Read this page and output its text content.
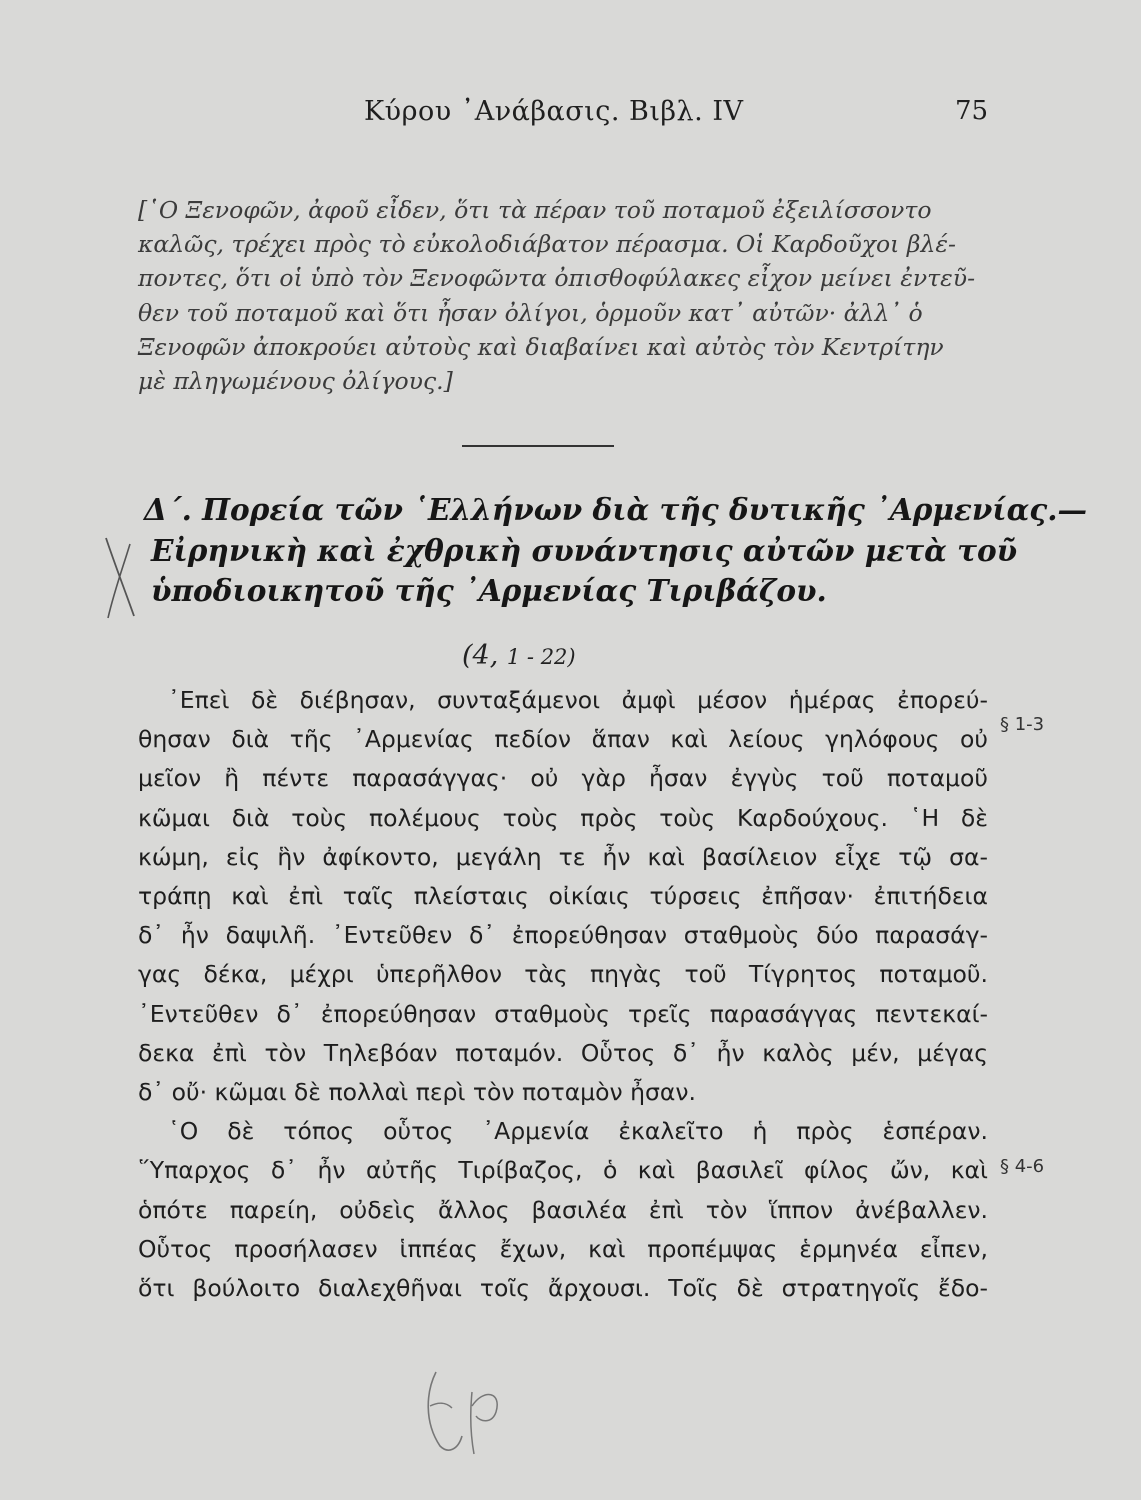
Κύρου ᾿Ανάβασις. Βιβλ. IV	75
[῾Ο Ξενοφῶν, ἀφοῦ εἶδεν, ὅτι τὰ πέραν τοῦ ποταμοῦ ἐξειλίσσοντο
καλῶς, τρέχει πρὸς τὸ εὐκολοδιάβατον πέρασμα. Οἱ Καρδοῦχοι βλέ-
ποντες, ὅτι οἱ ὑπὸ τὸν Ξενοφῶντα ὀπισθοφύλακες εἶχον μείνει ἐντεῦ-
θεν τοῦ ποταμοῦ καὶ ὅτι ἦσαν ὀλίγοι, ὁρμοῦν κατ᾿ αὐτῶν· ἀλλ᾿ ὁ
Ξενοφῶν ἀποκρούει αὐτοὺς καὶ διαβαίνει καὶ αὐτὸς τὸν Κεντρίτην
μὲ πληγωμένους ὀλίγους.]
Δ΄. Πορεία τῶν ῾Ελλήνων διὰ τῆς δυτικῆς ᾿Αρμενίας.—
Εἰρηνικὴ καὶ ἐχθρικὴ συνάντησις αὐτῶν μετὰ τοῦ
ὑποδιοικητοῦ τῆς ᾿Αρμενίας Τιριβάζου.
(4, 1 - 22)
᾿Επεὶ δὲ διέβησαν, συνταξάμενοι ἀμφὶ μέσον ἡμέρας ἐπορεύ-
θησαν διὰ τῆς ᾿Αρμενίας πεδίον ἅπαν καὶ λείους γηλόφους οὐ
μεῖον ἢ πέντε παρασάγγας· οὐ γὰρ ἦσαν ἐγγὺς τοῦ ποταμοῦ
κῶμαι διὰ τοὺς πολέμους τοὺς πρὸς τοὺς Καρδούχους. ῾Η δὲ
κώμη, εἰς ἣν ἀφίκοντο, μεγάλη τε ἦν καὶ βασίλειον εἶχε τῷ σα-
τράπῃ καὶ ἐπὶ ταῖς πλείσταις οἰκίαις τύρσεις ἐπῆσαν· ἐπιτήδεια
δ᾿ ἦν δαψιλῆ. ᾿Εντεῦθεν δ᾿ ἐπορεύθησαν σταθμοὺς δύο παρασάγ-
γας δέκα, μέχρι ὑπερῆλθον τὰς πηγὰς τοῦ Τίγρητος ποταμοῦ.
᾿Εντεῦθεν δ᾿ ἐπορεύθησαν σταθμοὺς τρεῖς παρασάγγας πεντεκαί-
δεκα ἐπὶ τὸν Τηλεβόαν ποταμόν. Οὗτος δ᾿ ἦν καλὸς μέν, μέγας
δ᾿ οὔ· κῶμαι δὲ πολλαὶ περὶ τὸν ποταμὸν ἦσαν.
῾Ο δὲ τόπος οὗτος ᾿Αρμενία ἐκαλεῖτο ἡ πρὸς ἑσπέραν.
῞Υπαρχος δ᾿ ἦν αὐτῆς Τιρίβαζος, ὁ καὶ βασιλεῖ φίλος ὤν, καὶ
ὁπότε παρείη, οὐδεὶς ἄλλος βασιλέα ἐπὶ τὸν ἵππον ἀνέβαλλεν.
Οὗτος προσήλασεν ἱππέας ἔχων, καὶ προπέμψας ἑρμηνέα εἶπεν,
ὅτι βούλοιτο διαλεχθῆναι τοῖς ἄρχουσι. Τοῖς δὲ στρατηγοῖς ἔδο-
§ 1-3
§ 4-6
